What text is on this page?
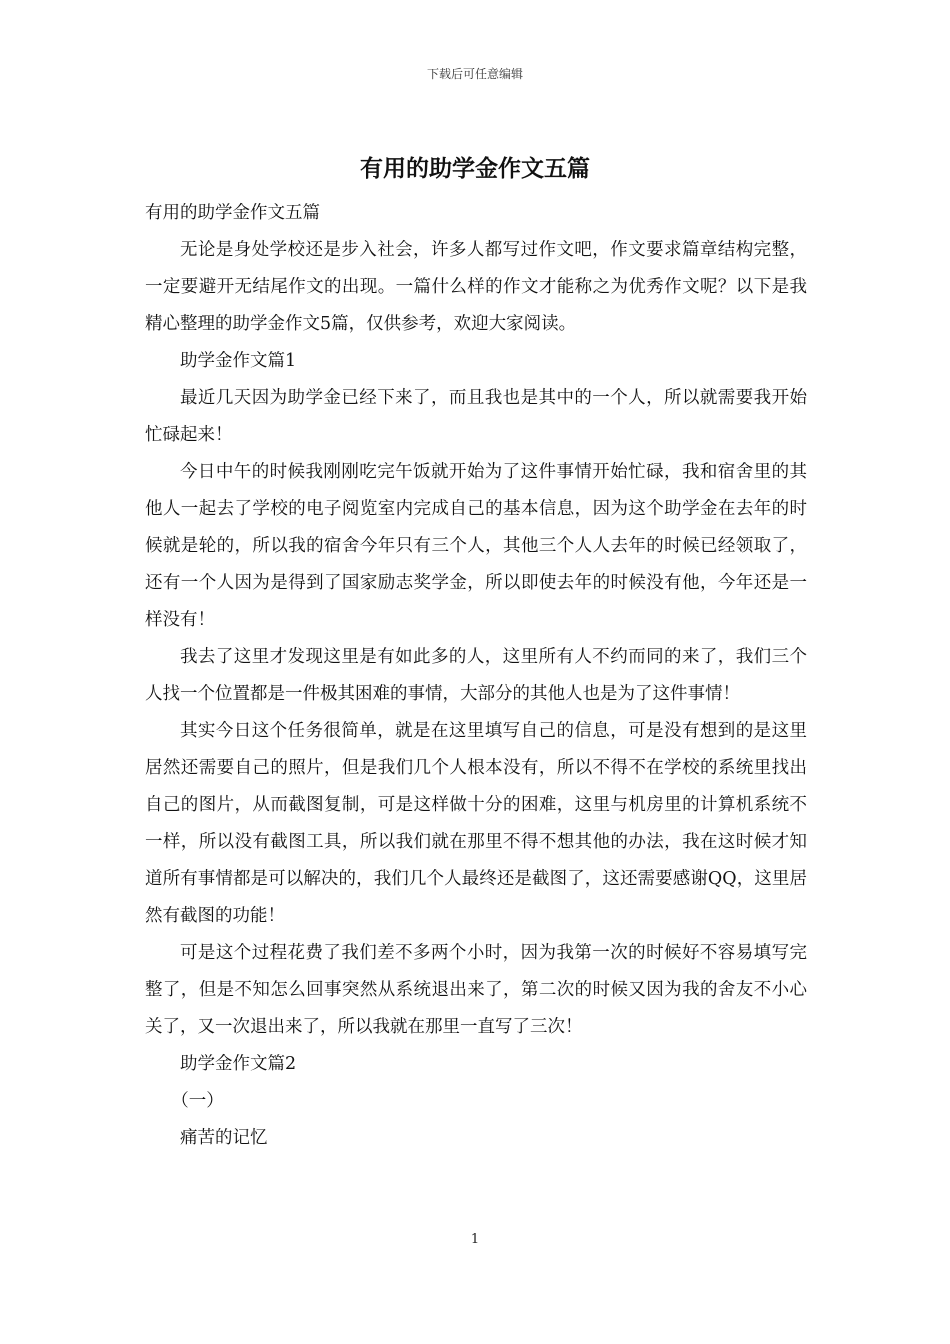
下载后可任意编辑
有用的助学金作文五篇

有用的助学金作文五篇

无论是身处学校还是步入社会，许多人都写过作文吧，作文要求篇章结构完整，一定要避开无结尾作文的出现。一篇什么样的作文才能称之为优秀作文呢？以下是我精心整理的助学金作文5篇，仅供参考，欢迎大家阅读。

助学金作文篇1

最近几天因为助学金已经下来了，而且我也是其中的一个人，所以就需要我开始忙碌起来！

今日中午的时候我刚刚吃完午饭就开始为了这件事情开始忙碌，我和宿舍里的其他人一起去了学校的电子阅览室内完成自己的基本信息，因为这个助学金在去年的时候就是轮的，所以我的宿舍今年只有三个人，其他三个人人去年的时候已经领取了，还有一个人因为是得到了国家励志奖学金，所以即使去年的时候没有他，今年还是一样没有！

我去了这里才发现这里是有如此多的人，这里所有人不约而同的来了，我们三个人找一个位置都是一件极其困难的事情，大部分的其他人也是为了这件事情！

其实今日这个任务很简单，就是在这里填写自己的信息，可是没有想到的是这里居然还需要自己的照片，但是我们几个人根本没有，所以不得不在学校的系统里找出自己的图片，从而截图复制，可是这样做十分的困难，这里与机房里的计算机系统不一样，所以没有截图工具，所以我们就在那里不得不想其他的办法，我在这时候才知道所有事情都是可以解决的，我们几个人最终还是截图了，这还需要感谢QQ，这里居然有截图的功能！

可是这个过程花费了我们差不多两个小时，因为我第一次的时候好不容易填写完整了，但是不知怎么回事突然从系统退出来了，第二次的时候又因为我的舍友不小心关了，又一次退出来了，所以我就在那里一直写了三次！

助学金作文篇2

（一）

痛苦的记忆

1
